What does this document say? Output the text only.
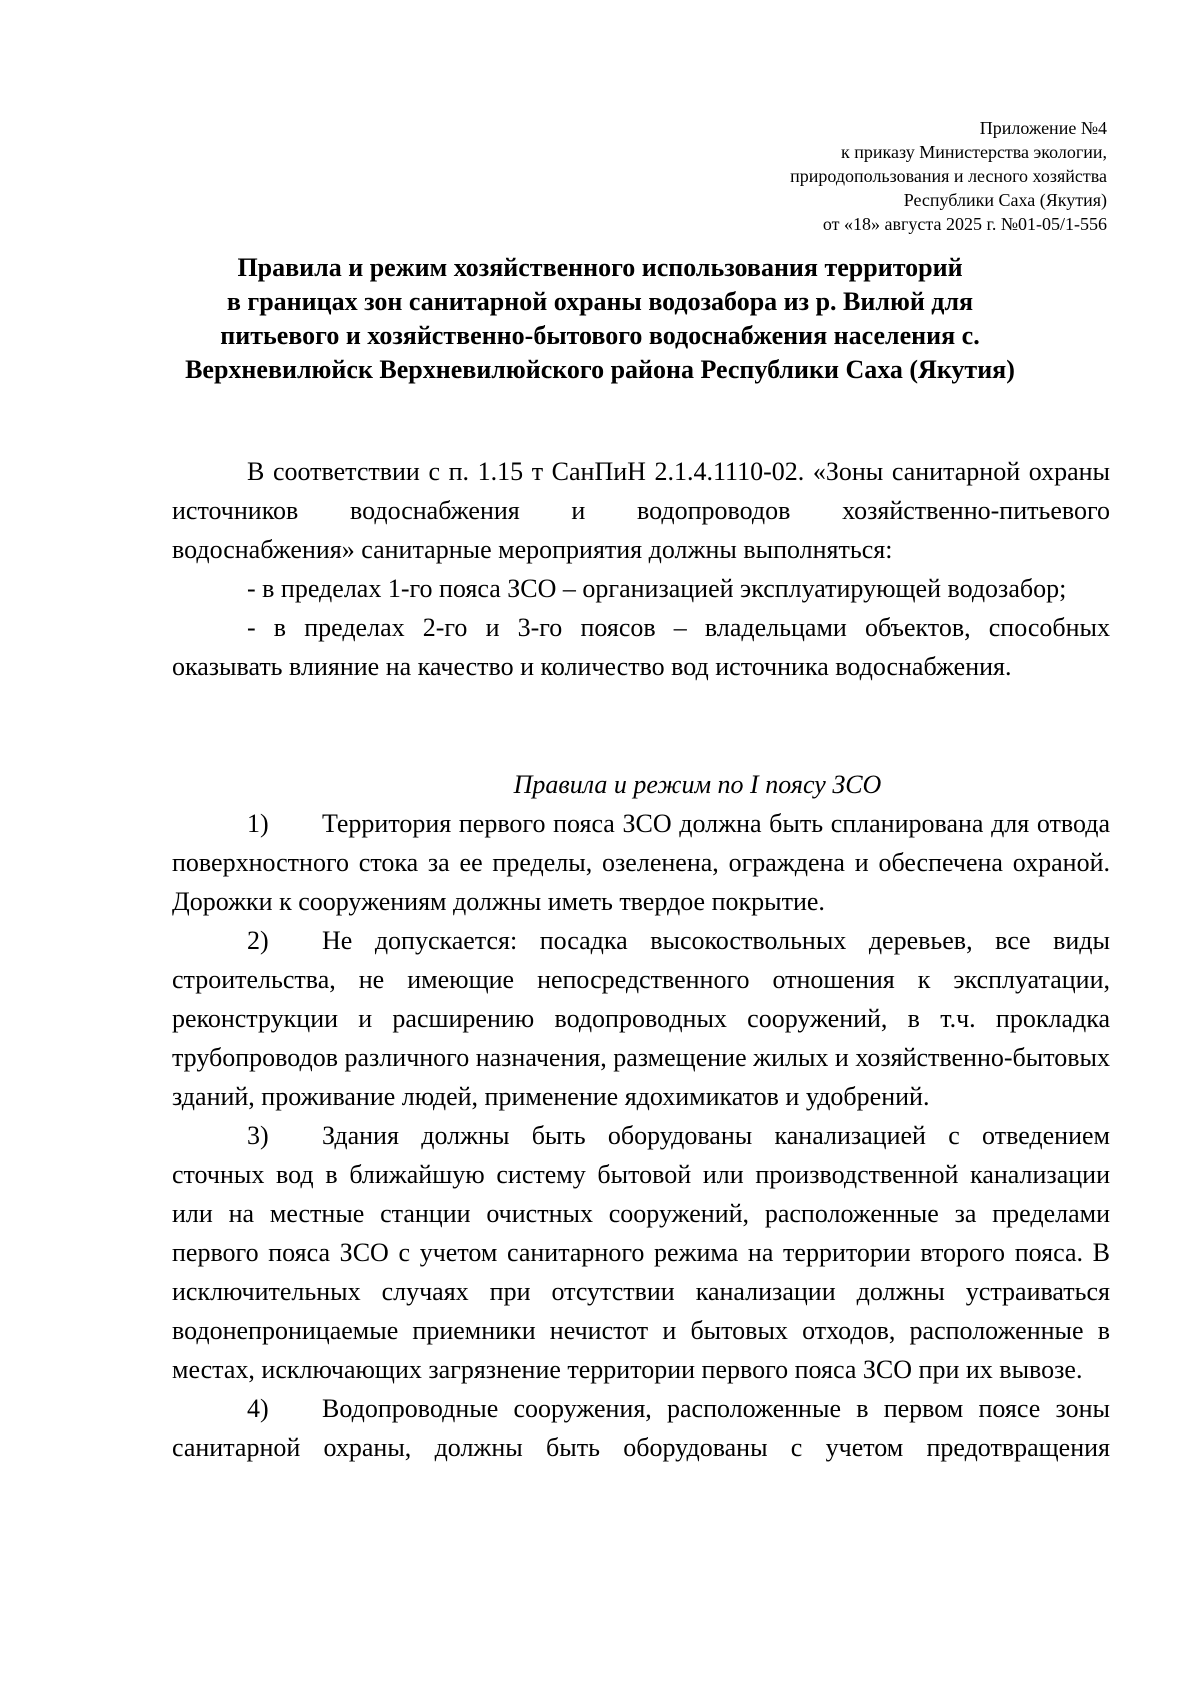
Приложение №4
к приказу Министерства экологии,
природопользования и лесного хозяйства
Республики Саха (Якутия)
от «18» августа 2025 г. №01-05/1-556
Правила и режим хозяйственного использования территорий
в границах зон санитарной охраны водозабора из р. Вилюй для
питьевого и хозяйственно-бытового водоснабжения населения с.
Верхневилюйск Верхневилюйского района Республики Саха (Якутия)

В соответствии с п. 1.15 т СанПиН 2.1.4.1110-02. «Зоны санитарной охраны источников водоснабжения и водопроводов хозяйственно-питьевого водоснабжения» санитарные мероприятия должны выполняться:

- в пределах 1-го пояса ЗСО – организацией эксплуатирующей водозабор;

- в пределах 2-го и 3-го поясов – владельцами объектов, способных оказывать влияние на качество и количество вод источника водоснабжения.

Правила и режим по I поясу ЗСО

1) Территория первого пояса ЗСО должна быть спланирована для отвода поверхностного стока за ее пределы, озеленена, ограждена и обеспечена охраной. Дорожки к сооружениям должны иметь твердое покрытие.

2) Не допускается: посадка высокоствольных деревьев, все виды строительства, не имеющие непосредственного отношения к эксплуатации, реконструкции и расширению водопроводных сооружений, в т.ч. прокладка трубопроводов различного назначения, размещение жилых и хозяйственно-бытовых зданий, проживание людей, применение ядохимикатов и удобрений.

3) Здания должны быть оборудованы канализацией с отведением сточных вод в ближайшую систему бытовой или производственной канализации или на местные станции очистных сооружений, расположенные за пределами первого пояса ЗСО с учетом санитарного режима на территории второго пояса. В исключительных случаях при отсутствии канализации должны устраиваться водонепроницаемые приемники нечистот и бытовых отходов, расположенные в местах, исключающих загрязнение территории первого пояса ЗСО при их вывозе.

4) Водопроводные сооружения, расположенные в первом поясе зоны санитарной охраны, должны быть оборудованы с учетом предотвращения
